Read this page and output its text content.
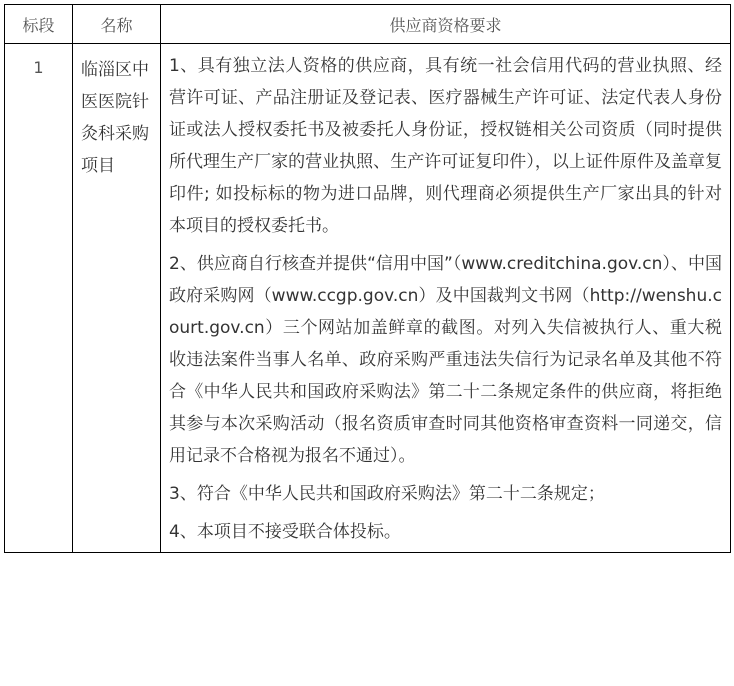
标段	名称	供应商资格要求
1	临淄区中医医院针灸科采购项目	1、具有独立法人资格的供应商，具有统一社会信用代码的营业执照、经营许可证、产品注册证及登记表、医疗器械生产许可证、法定代表人身份证或法人授权委托书及被委托人身份证，授权链相关公司资质（同时提供所代理生产厂家的营业执照、生产许可证复印件），以上证件原件及盖章复印件; 如投标标的物为进口品牌，则代理商必须提供生产厂家出具的针对本项目的授权委托书。

2、供应商自行核查并提供“信用中国”（www.creditchina.gov.cn）、中国政府采购网（www.ccgp.gov.cn）及中国裁判文书网（http://wenshu.court.gov.cn）三个网站加盖鲜章的截图。对列入失信被执行人、重大税收违法案件当事人名单、政府采购严重违法失信行为记录名单及其他不符合《中华人民共和国政府采购法》第二十二条规定条件的供应商，将拒绝其参与本次采购活动（报名资质审查时同其他资格审查资料一同递交，信用记录不合格视为报名不通过）。

3、符合《中华人民共和国政府采购法》第二十二条规定；

4、本项目不接受联合体投标。
